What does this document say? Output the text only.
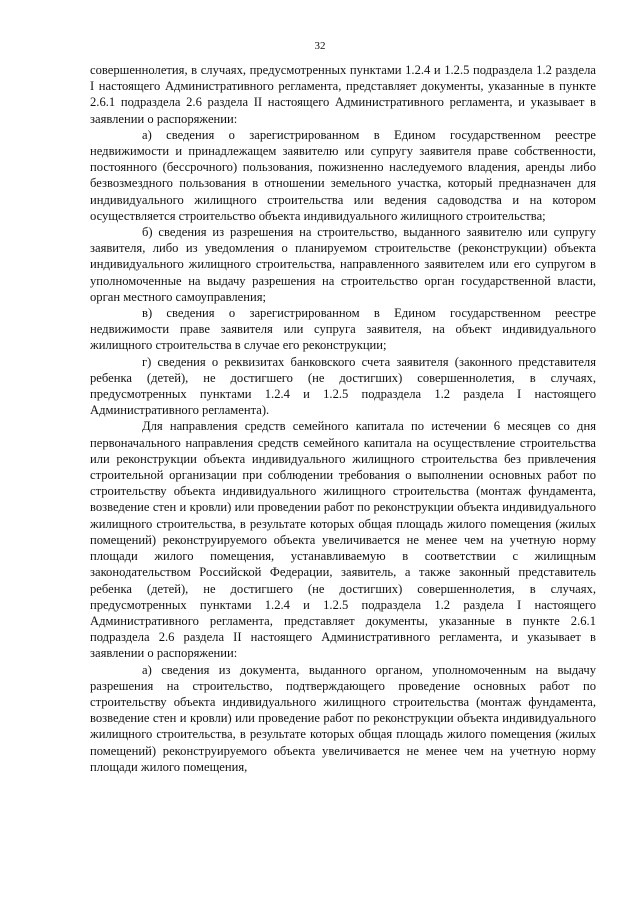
32

совершеннолетия, в случаях, предусмотренных пунктами 1.2.4 и 1.2.5 подраздела 1.2 раздела I настоящего Административного регламента, представляет документы, указанные в пункте 2.6.1 подраздела 2.6 раздела II настоящего Административного регламента, и указывает в заявлении о распоряжении:

а) сведения о зарегистрированном в Едином государственном реестре недвижимости и принадлежащем заявителю или супругу заявителя праве собственности, постоянного (бессрочного) пользования, пожизненно наследуемого владения, аренды либо безвозмездного пользования в отношении земельного участка, который предназначен для индивидуального жилищного строительства или ведения садоводства и на котором осуществляется строительство объекта индивидуального жилищного строительства;

б) сведения из разрешения на строительство, выданного заявителю или супругу заявителя, либо из уведомления о планируемом строительстве (реконструкции) объекта индивидуального жилищного строительства, направленного заявителем или его супругом в уполномоченные на выдачу разрешения на строительство орган государственной власти, орган местного самоуправления;

в) сведения о зарегистрированном в Едином государственном реестре недвижимости праве заявителя или супруга заявителя, на объект индивидуального жилищного строительства в случае его реконструкции;

г) сведения о реквизитах банковского счета заявителя (законного представителя ребенка (детей), не достигшего (не достигших) совершеннолетия, в случаях, предусмотренных пунктами 1.2.4 и 1.2.5 подраздела 1.2 раздела I настоящего Административного регламента).

Для направления средств семейного капитала по истечении 6 месяцев со дня первоначального направления средств семейного капитала на осуществление строительства или реконструкции объекта индивидуального жилищного строительства без привлечения строительной организации при соблюдении требования о выполнении основных работ по строительству объекта индивидуального жилищного строительства (монтаж фундамента, возведение стен и кровли) или проведении работ по реконструкции объекта индивидуального жилищного строительства, в результате которых общая площадь жилого помещения (жилых помещений) реконструируемого объекта увеличивается не менее чем на учетную норму площади жилого помещения, устанавливаемую в соответствии с жилищным законодательством Российской Федерации, заявитель, а также законный представитель ребенка (детей), не достигшего (не достигших) совершеннолетия, в случаях, предусмотренных пунктами 1.2.4 и 1.2.5 подраздела 1.2 раздела I настоящего Административного регламента, представляет документы, указанные в пункте 2.6.1 подраздела 2.6 раздела II настоящего Административного регламента, и указывает в заявлении о распоряжении:

а) сведения из документа, выданного органом, уполномоченным на выдачу разрешения на строительство, подтверждающего проведение основных работ по строительству объекта индивидуального жилищного строительства (монтаж фундамента, возведение стен и кровли) или проведение работ по реконструкции объекта индивидуального жилищного строительства, в результате которых общая площадь жилого помещения (жилых помещений) реконструируемого объекта увеличивается не менее чем на учетную норму площади жилого помещения,
